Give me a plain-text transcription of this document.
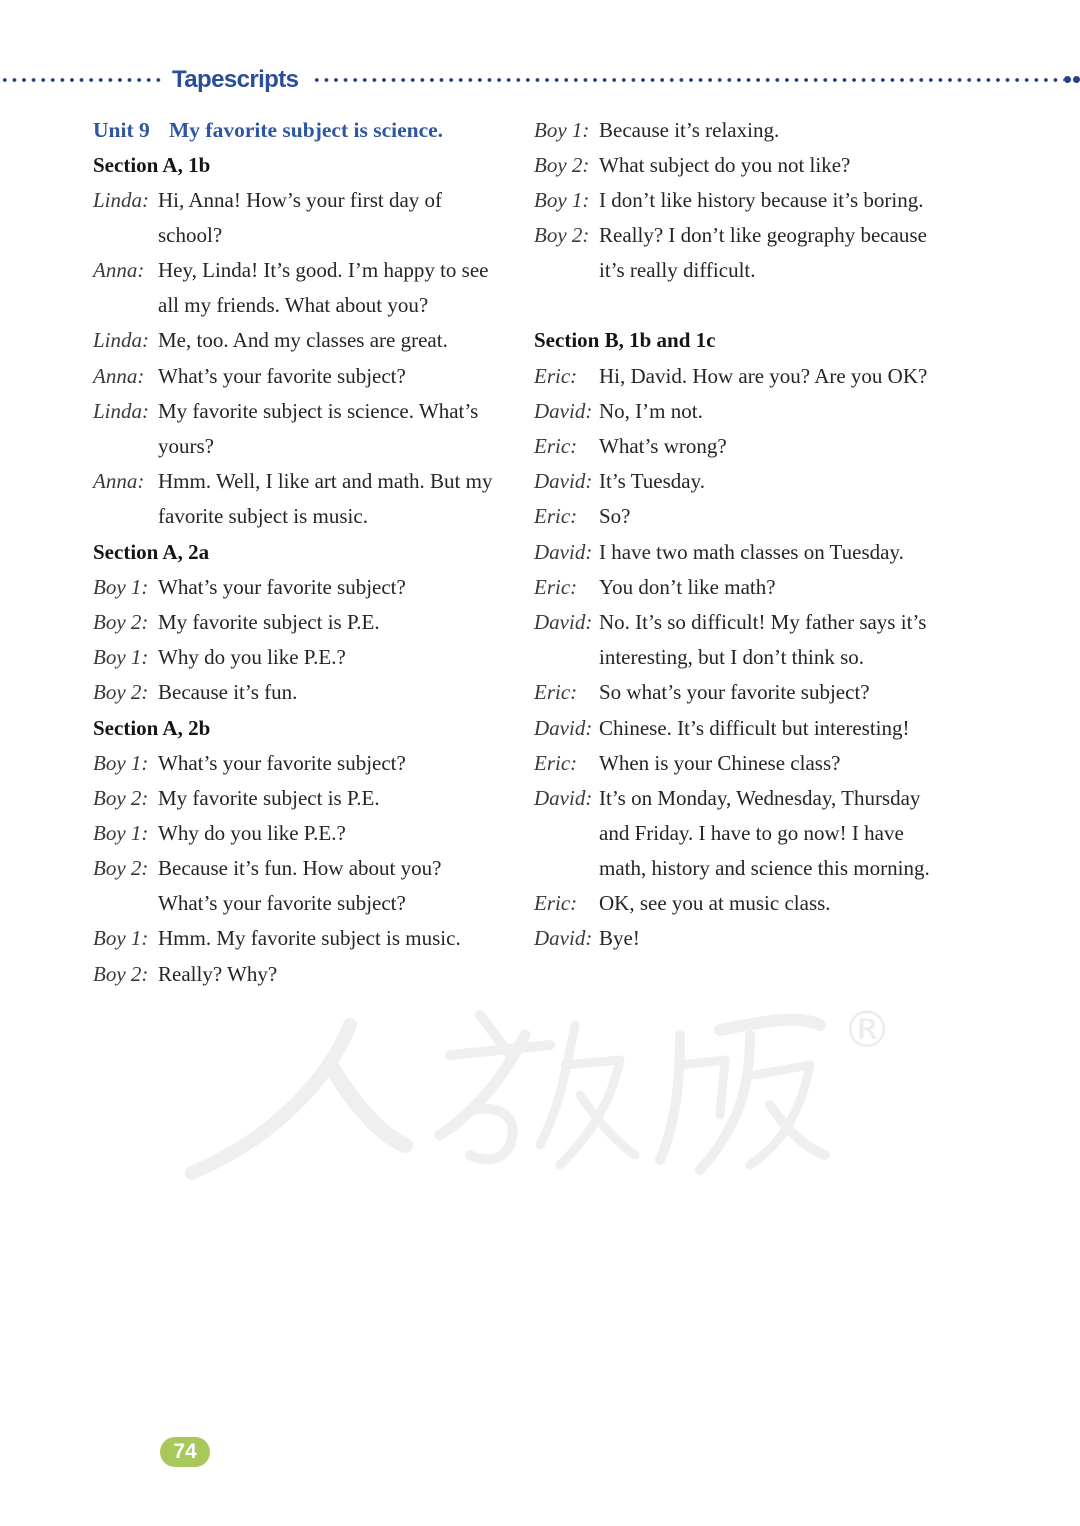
Tapescripts
Unit 9 My favorite subject is science.
Section A, 1b
Linda: Hi, Anna! How’s your first day of
school?
Anna: Hey, Linda! It’s good. I’m happy to see
all my friends. What about you?
Linda: Me, too. And my classes are great.
Anna: What’s your favorite subject?
Linda: My favorite subject is science. What’s
yours?
Anna: Hmm. Well, I like art and math. But my
favorite subject is music.
Section A, 2a
Boy 1: What’s your favorite subject?
Boy 2: My favorite subject is P.E.
Boy 1: Why do you like P.E.?
Boy 2: Because it’s fun.
Section A, 2b
Boy 1: What’s your favorite subject?
Boy 2: My favorite subject is P.E.
Boy 1: Why do you like P.E.?
Boy 2: Because it’s fun. How about you?
What’s your favorite subject?
Boy 1: Hmm. My favorite subject is music.
Boy 2: Really? Why?
Boy 1: Because it’s relaxing.
Boy 2: What subject do you not like?
Boy 1: I don’t like history because it’s boring.
Boy 2: Really? I don’t like geography because
it’s really difficult.
Section B, 1b and 1c
Eric: Hi, David. How are you? Are you OK?
David: No, I’m not.
Eric: What’s wrong?
David: It’s Tuesday.
Eric: So?
David: I have two math classes on Tuesday.
Eric: You don’t like math?
David: No. It’s so difficult! My father says it’s
interesting, but I don’t think so.
Eric: So what’s your favorite subject?
David: Chinese. It’s difficult but interesting!
Eric: When is your Chinese class?
David: It’s on Monday, Wednesday, Thursday
and Friday. I have to go now! I have
math, history and science this morning.
Eric: OK, see you at music class.
David: Bye!
®
74
